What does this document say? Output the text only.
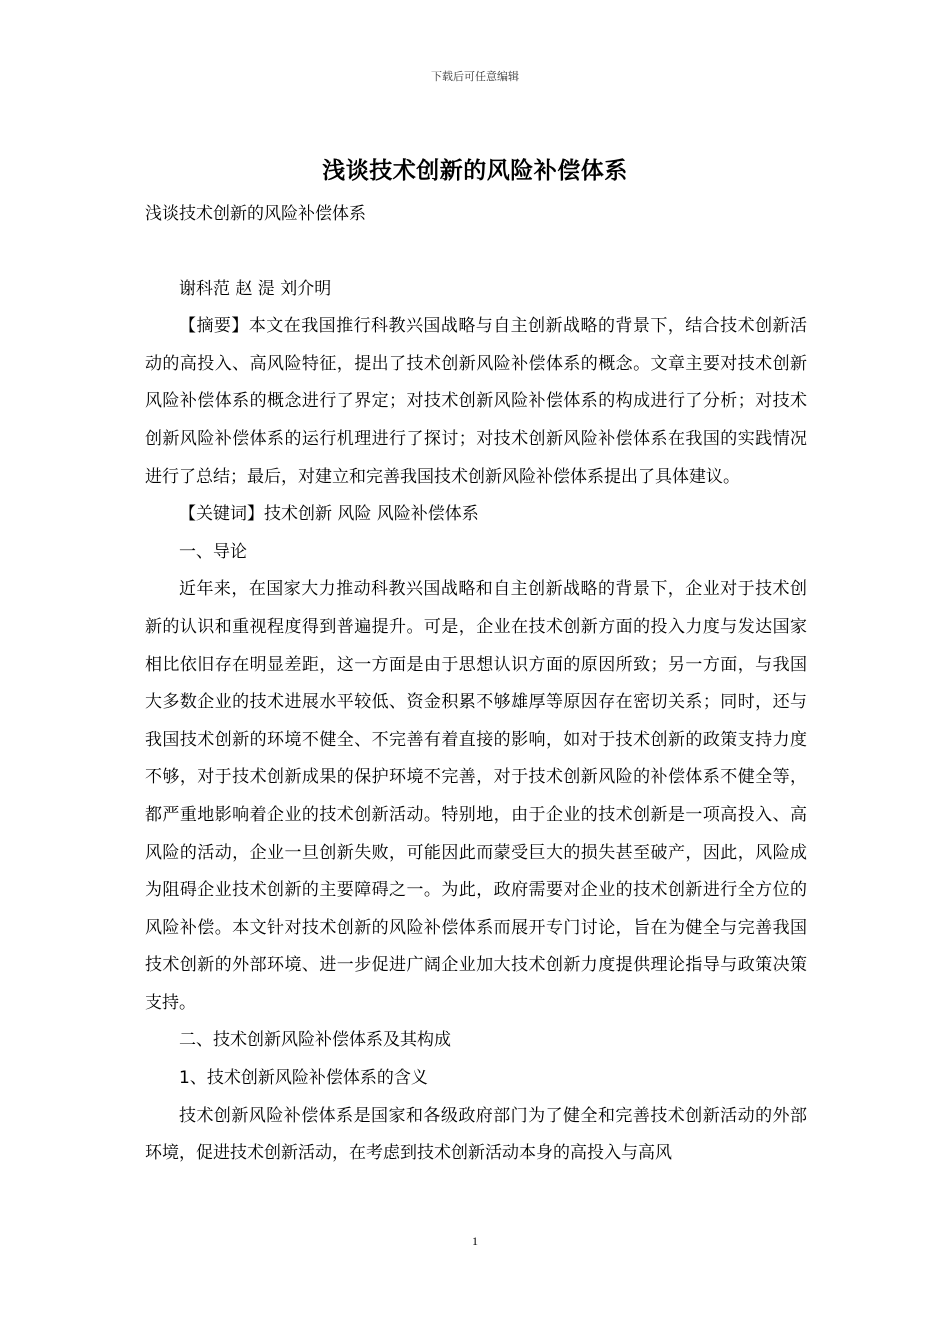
下载后可任意编辑
浅谈技术创新的风险补偿体系

浅谈技术创新的风险补偿体系

谢科范 赵 湜 刘介明

【摘要】本文在我国推行科教兴国战略与自主创新战略的背景下，结合技术创新活动的高投入、高风险特征，提出了技术创新风险补偿体系的概念。文章主要对技术创新风险补偿体系的概念进行了界定；对技术创新风险补偿体系的构成进行了分析；对技术创新风险补偿体系的运行机理进行了探讨；对技术创新风险补偿体系在我国的实践情况进行了总结；最后，对建立和完善我国技术创新风险补偿体系提出了具体建议。

【关键词】技术创新 风险 风险补偿体系

一、导论

近年来，在国家大力推动科教兴国战略和自主创新战略的背景下，企业对于技术创新的认识和重视程度得到普遍提升。可是，企业在技术创新方面的投入力度与发达国家相比依旧存在明显差距，这一方面是由于思想认识方面的原因所致；另一方面，与我国大多数企业的技术进展水平较低、资金积累不够雄厚等原因存在密切关系；同时，还与我国技术创新的环境不健全、不完善有着直接的影响，如对于技术创新的政策支持力度不够，对于技术创新成果的保护环境不完善，对于技术创新风险的补偿体系不健全等，都严重地影响着企业的技术创新活动。特别地，由于企业的技术创新是一项高投入、高风险的活动，企业一旦创新失败，可能因此而蒙受巨大的损失甚至破产，因此，风险成为阻碍企业技术创新的主要障碍之一。为此，政府需要对企业的技术创新进行全方位的风险补偿。本文针对技术创新的风险补偿体系而展开专门讨论，旨在为健全与完善我国技术创新的外部环境、进一步促进广阔企业加大技术创新力度提供理论指导与政策决策支持。

二、技术创新风险补偿体系及其构成

1、技术创新风险补偿体系的含义

技术创新风险补偿体系是国家和各级政府部门为了健全和完善技术创新活动的外部环境，促进技术创新活动，在考虑到技术创新活动本身的高投入与高风

1
